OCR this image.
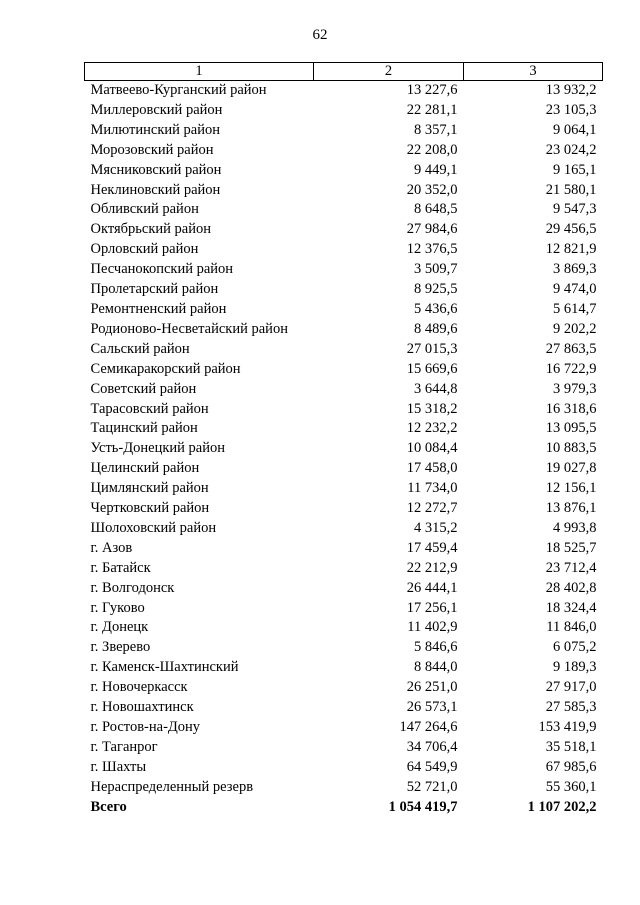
62
1	2	3
Матвеево-Курганский район	13 227,6	13 932,2
Миллеровский район	22 281,1	23 105,3
Милютинский район	8 357,1	9 064,1
Морозовский район	22 208,0	23 024,2
Мясниковский район	9 449,1	9 165,1
Неклиновский район	20 352,0	21 580,1
Обливский район	8 648,5	9 547,3
Октябрьский район	27 984,6	29 456,5
Орловский район	12 376,5	12 821,9
Песчанокопский район	3 509,7	3 869,3
Пролетарский район	8 925,5	9 474,0
Ремонтненский район	5 436,6	5 614,7
Родионово-Несветайский район	8 489,6	9 202,2
Сальский район	27 015,3	27 863,5
Семикаракорский район	15 669,6	16 722,9
Советский район	3 644,8	3 979,3
Тарасовский район	15 318,2	16 318,6
Тацинский район	12 232,2	13 095,5
Усть-Донецкий район	10 084,4	10 883,5
Целинский район	17 458,0	19 027,8
Цимлянский район	11 734,0	12 156,1
Чертковский район	12 272,7	13 876,1
Шолоховский район	4 315,2	4 993,8
г. Азов	17 459,4	18 525,7
г. Батайск	22 212,9	23 712,4
г. Волгодонск	26 444,1	28 402,8
г. Гуково	17 256,1	18 324,4
г. Донецк	11 402,9	11 846,0
г. Зверево	5 846,6	6 075,2
г. Каменск-Шахтинский	8 844,0	9 189,3
г. Новочеркасск	26 251,0	27 917,0
г. Новошахтинск	26 573,1	27 585,3
г. Ростов-на-Дону	147 264,6	153 419,9
г. Таганрог	34 706,4	35 518,1
г. Шахты	64 549,9	67 985,6
Нераспределенный резерв	52 721,0	55 360,1
Всего	1 054 419,7	1 107 202,2
